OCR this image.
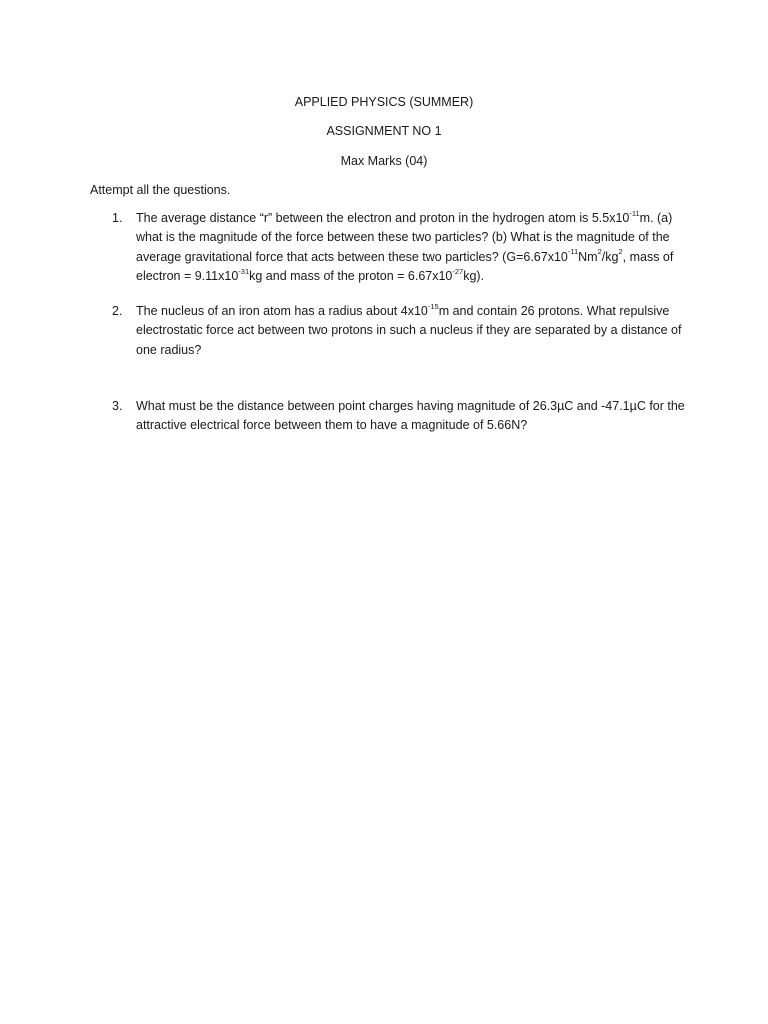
APPLIED PHYSICS (SUMMER)
ASSIGNMENT NO 1
Max Marks (04)
Attempt all the questions.
1.	The average distance “r” between the electron and proton in the hydrogen atom is $5.5x10^{-11}m$. (a) what is the magnitude of the force between these two particles? (b) What is the magnitude of the average gravitational force that acts between these two particles? ($G=6.67x10^{-11}Nm^2/kg^2$, mass of electron = $9.11x10^{-31}kg$ and mass of the proton = $6.67x10^{-27}kg$).
2.	The nucleus of an iron atom has a radius about $4x10^{-15}m$ and contain 26 protons. What repulsive electrostatic force act between two protons in such a nucleus if they are separated by a distance of one radius?
3.	What must be the distance between point charges having magnitude of 26.3µC and -47.1µC for the attractive electrical force between them to have a magnitude of 5.66N?
